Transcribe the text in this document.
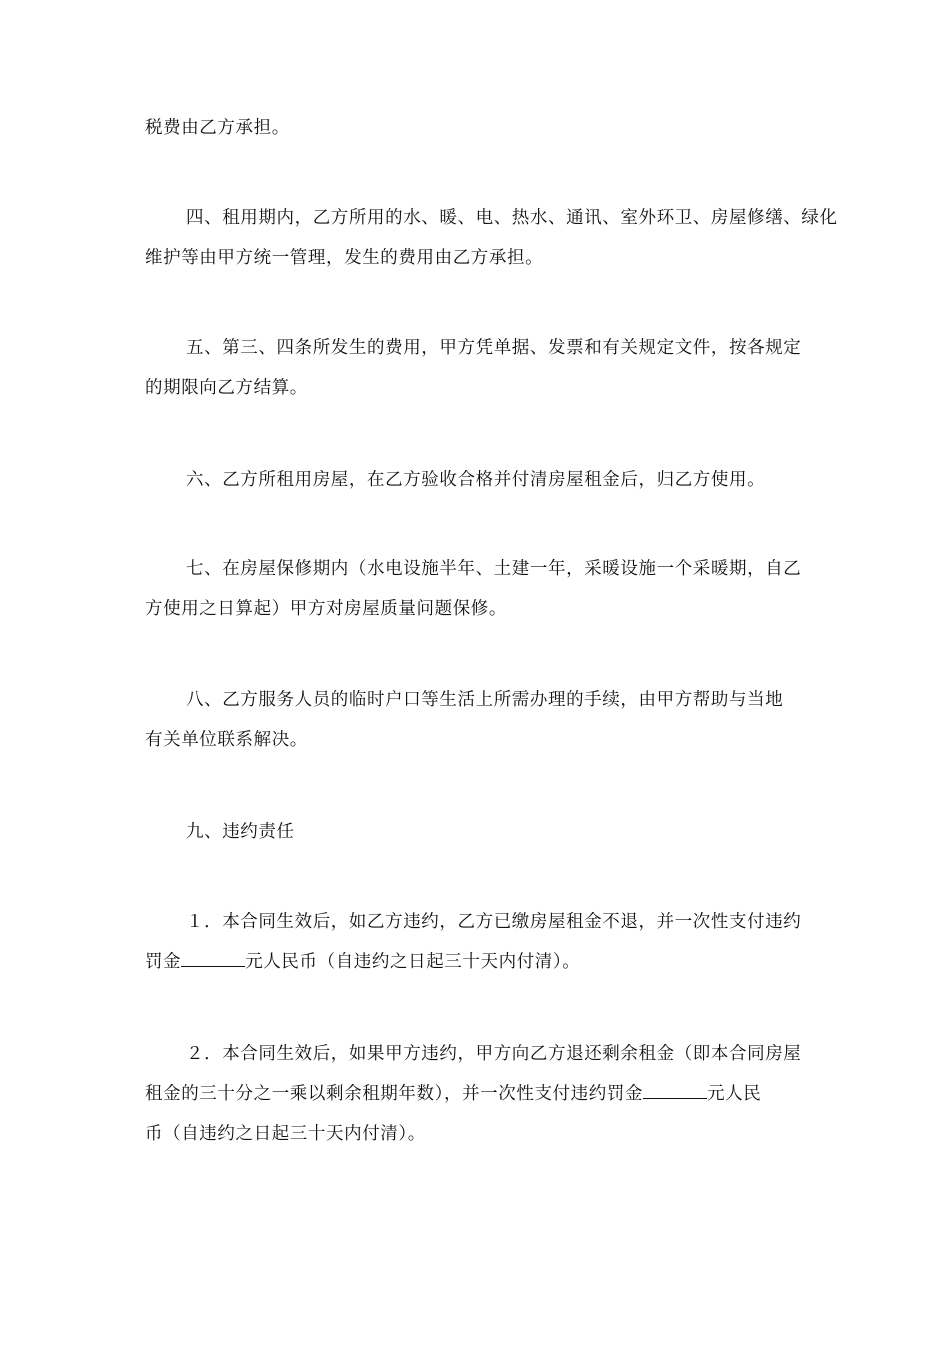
税费由乙方承担。

四、租用期内，乙方所用的水、暖、电、热水、通讯、室外环卫、房屋修缮、绿化
维护等由甲方统一管理，发生的费用由乙方承担。

五、第三、四条所发生的费用，甲方凭单据、发票和有关规定文件，按各规定
的期限向乙方结算。

六、乙方所租用房屋，在乙方验收合格并付清房屋租金后，归乙方使用。

七、在房屋保修期内（水电设施半年、土建一年，采暖设施一个采暖期，自乙
方使用之日算起）甲方对房屋质量问题保修。

八、乙方服务人员的临时户口等生活上所需办理的手续，由甲方帮助与当地
有关单位联系解决。

九、违约责任

１．本合同生效后，如乙方违约，乙方已缴房屋租金不退，并一次性支付违约
罚金	元人民币（自违约之日起三十天内付清）。

２．本合同生效后，如果甲方违约，甲方向乙方退还剩余租金（即本合同房屋
租金的三十分之一乘以剩余租期年数），并一次性支付违约罚金	元人民
币（自违约之日起三十天内付清）。
